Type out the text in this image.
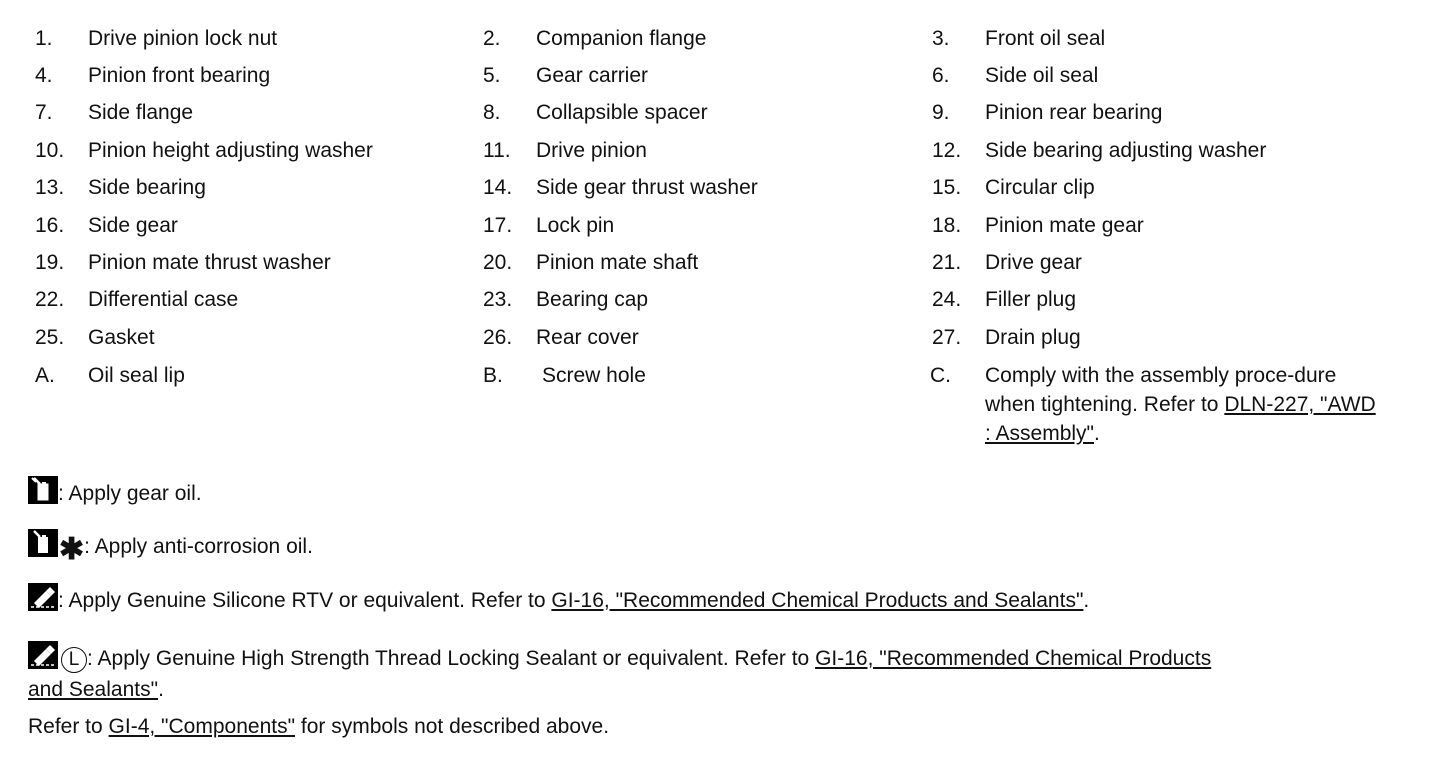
1. Drive pinion lock nut	2. Companion flange	3. Front oil seal
4. Pinion front bearing	5. Gear carrier	6. Side oil seal
7. Side flange	8. Collapsible spacer	9. Pinion rear bearing
10. Pinion height adjusting washer	11. Drive pinion	12. Side bearing adjusting washer
13. Side bearing	14. Side gear thrust washer	15. Circular clip
16. Side gear	17. Lock pin	18. Pinion mate gear
19. Pinion mate thrust washer	20. Pinion mate shaft	21. Drive gear
22. Differential case	23. Bearing cap	24. Filler plug
25. Gasket	26. Rear cover	27. Drain plug
A. Oil seal lip	B. Screw hole	C. Comply with the assembly proce-dure when tightening. Refer to DLN-227, "AWD : Assembly".
: Apply gear oil.
✱: Apply anti-corrosion oil.
: Apply Genuine Silicone RTV or equivalent. Refer to GI-16, "Recommended Chemical Products and Sealants".
L : Apply Genuine High Strength Thread Locking Sealant or equivalent. Refer to GI-16, "Recommended Chemical Products
and Sealants".
Refer to GI-4, "Components" for symbols not described above.
